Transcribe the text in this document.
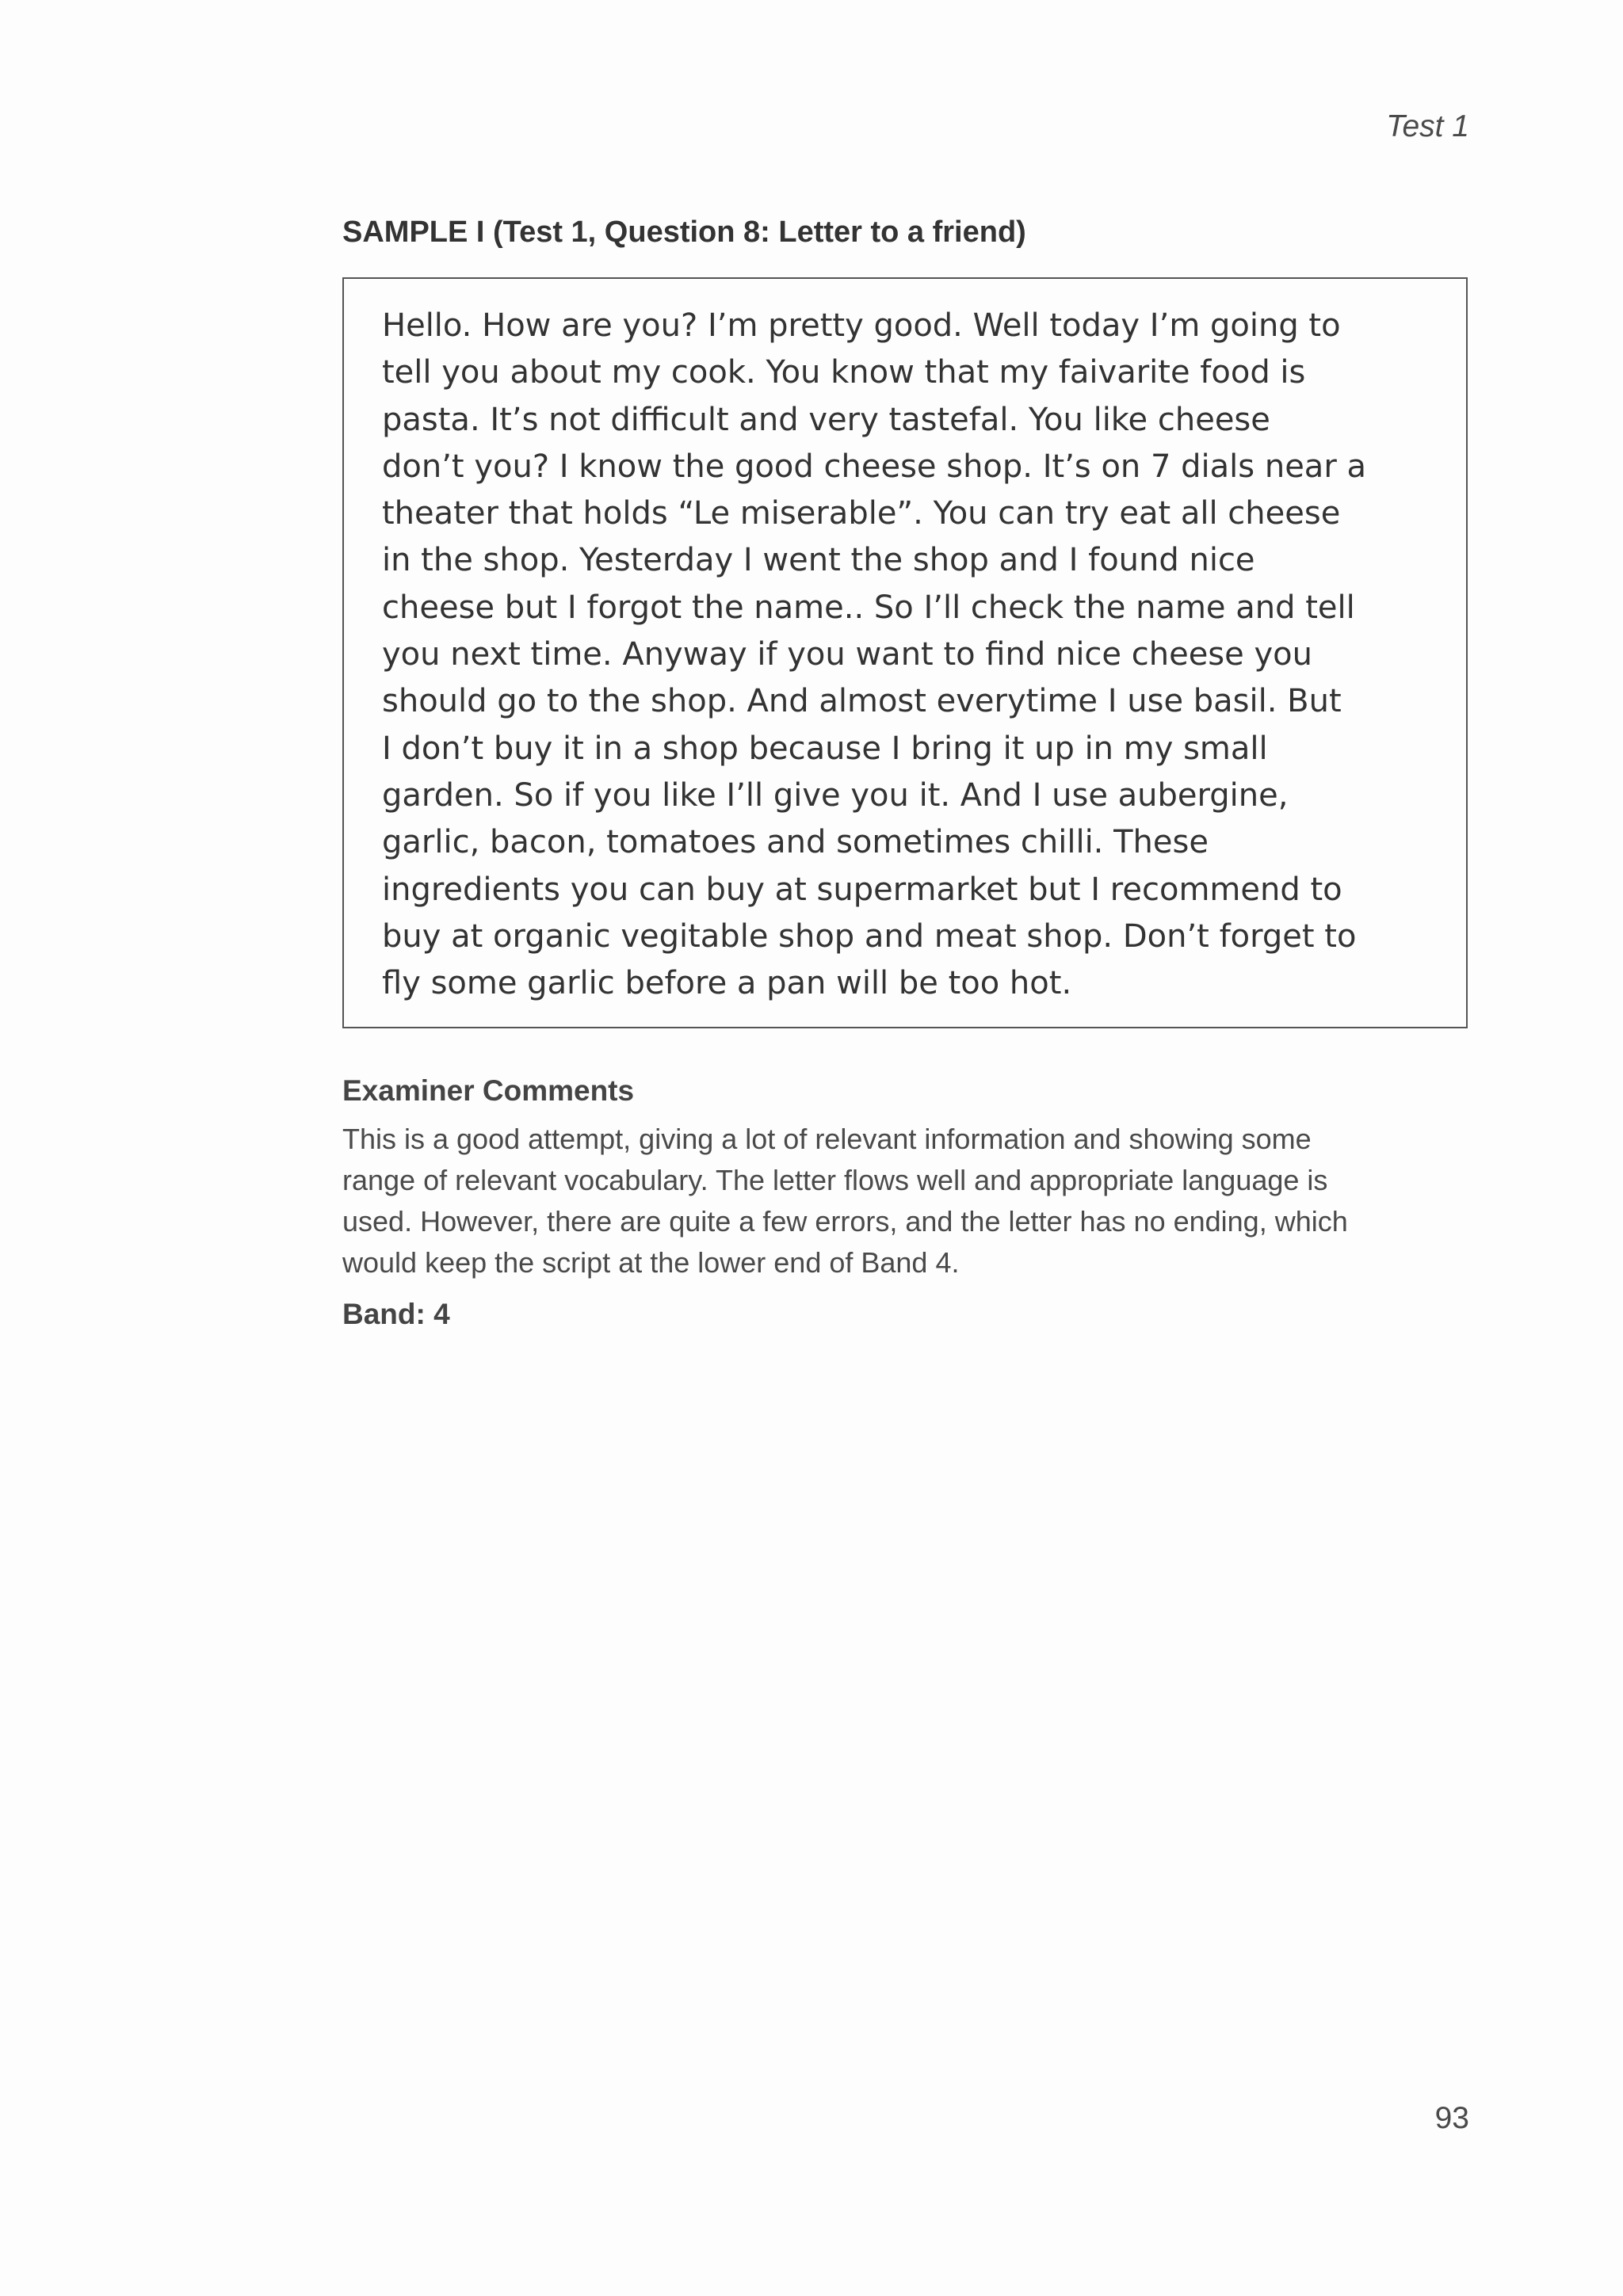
Test 1
SAMPLE I (Test 1, Question 8: Letter to a friend)
Hello. How are you? I’m pretty good. Well today I’m going to
tell you about my cook. You know that my faivarite food is
pasta. It’s not difficult and very tastefal. You like cheese
don’t you? I know the good cheese shop. It’s on 7 dials near a
theater that holds “Le miserable”. You can try eat all cheese
in the shop. Yesterday I went the shop and I found nice
cheese but I forgot the name.. So I’ll check the name and tell
you next time. Anyway if you want to find nice cheese you
should go to the shop. And almost everytime I use basil. But
I don’t buy it in a shop because I bring it up in my small
garden. So if you like I’ll give you it. And I use aubergine,
garlic, bacon, tomatoes and sometimes chilli. These
ingredients you can buy at supermarket but I recommend to
buy at organic vegitable shop and meat shop. Don’t forget to
fly some garlic before a pan will be too hot.
Examiner Comments
This is a good attempt, giving a lot of relevant information and showing some
range of relevant vocabulary. The letter flows well and appropriate language is
used. However, there are quite a few errors, and the letter has no ending, which
would keep the script at the lower end of Band 4.
Band: 4
93
